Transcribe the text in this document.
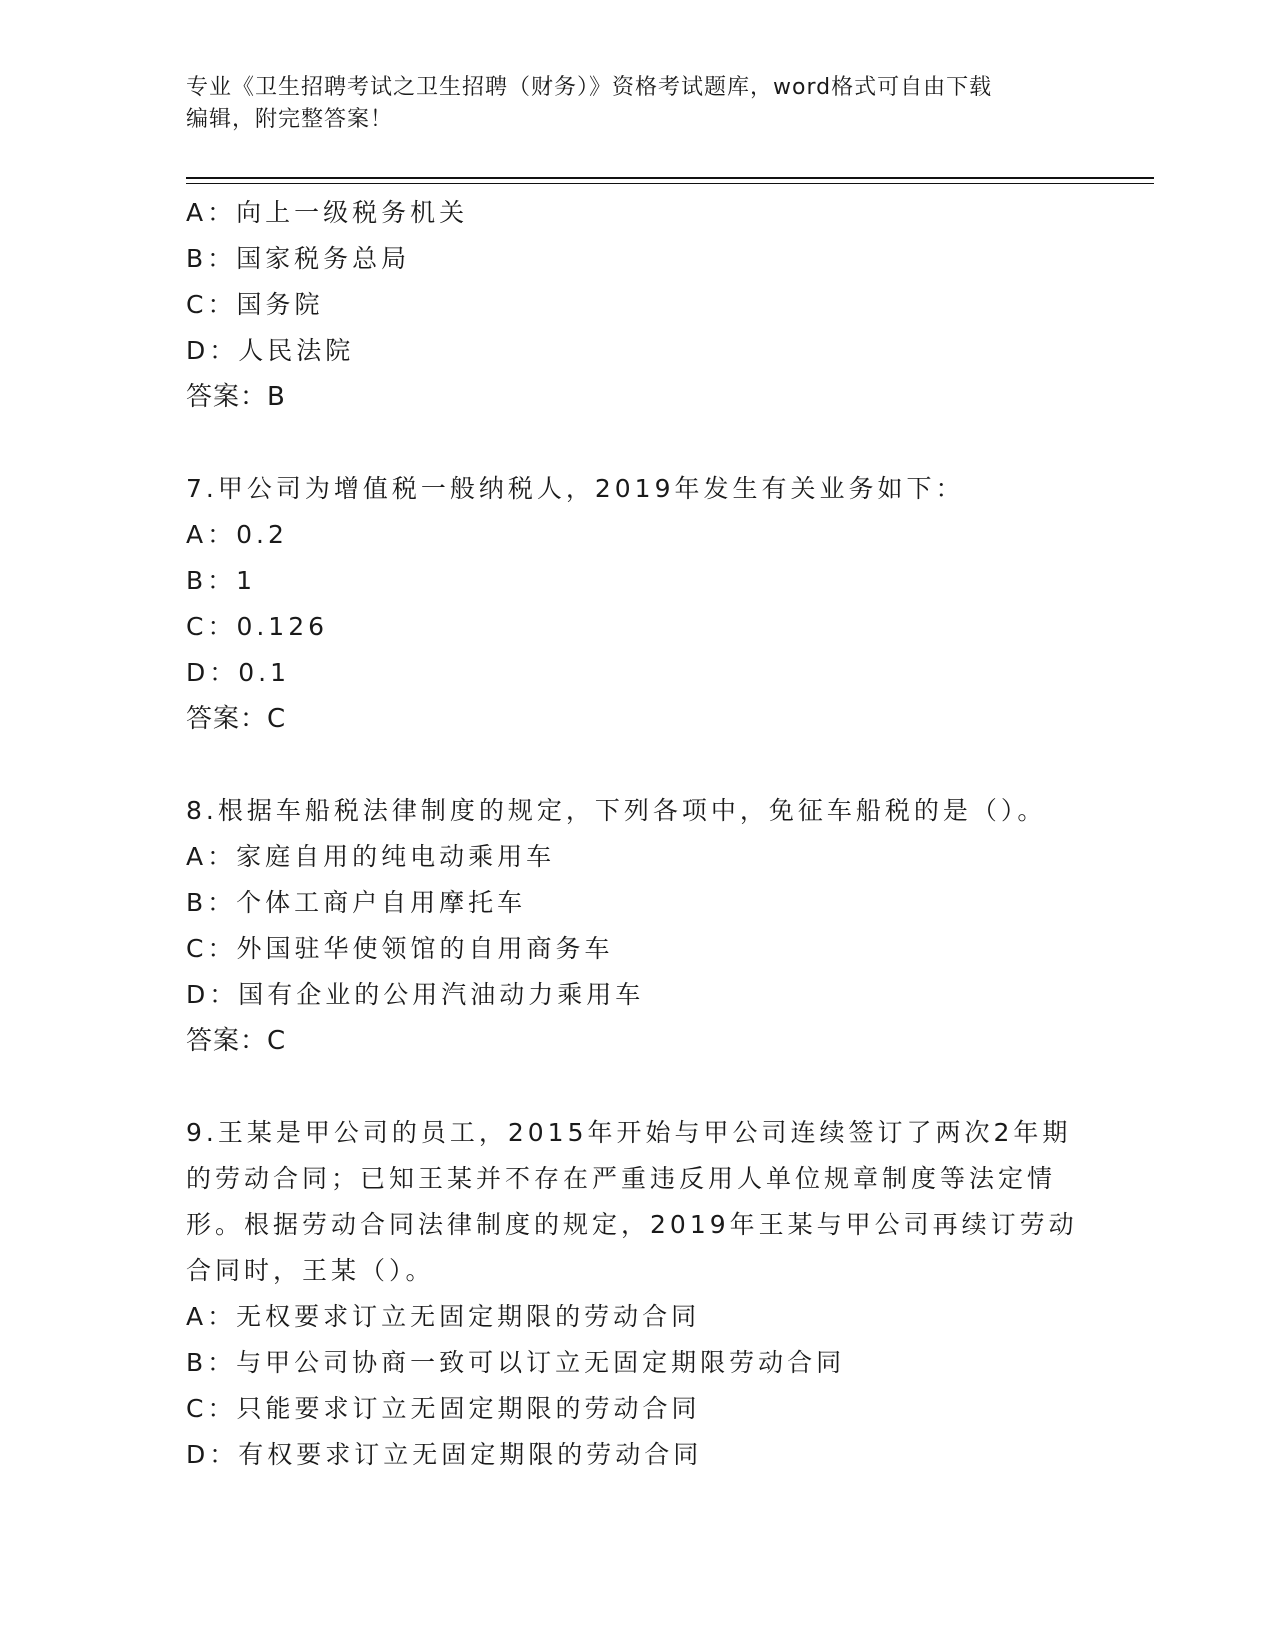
专业《卫生招聘考试之卫生招聘（财务）》资格考试题库，word格式可自由下载
编辑，附完整答案！
A：向上一级税务机关
B：国家税务总局
C：国务院
D：人民法院
答案：B
7.甲公司为增值税一般纳税人，2019年发生有关业务如下：
A：0.2
B：1
C：0.126
D：0.1
答案：C
8.根据车船税法律制度的规定，下列各项中，免征车船税的是（）。
A：家庭自用的纯电动乘用车
B：个体工商户自用摩托车
C：外国驻华使领馆的自用商务车
D：国有企业的公用汽油动力乘用车
答案：C
9.王某是甲公司的员工，2015年开始与甲公司连续签订了两次2年期
的劳动合同；已知王某并不存在严重违反用人单位规章制度等法定情
形。根据劳动合同法律制度的规定，2019年王某与甲公司再续订劳动
合同时，王某（）。
A：无权要求订立无固定期限的劳动合同
B：与甲公司协商一致可以订立无固定期限劳动合同
C：只能要求订立无固定期限的劳动合同
D：有权要求订立无固定期限的劳动合同
